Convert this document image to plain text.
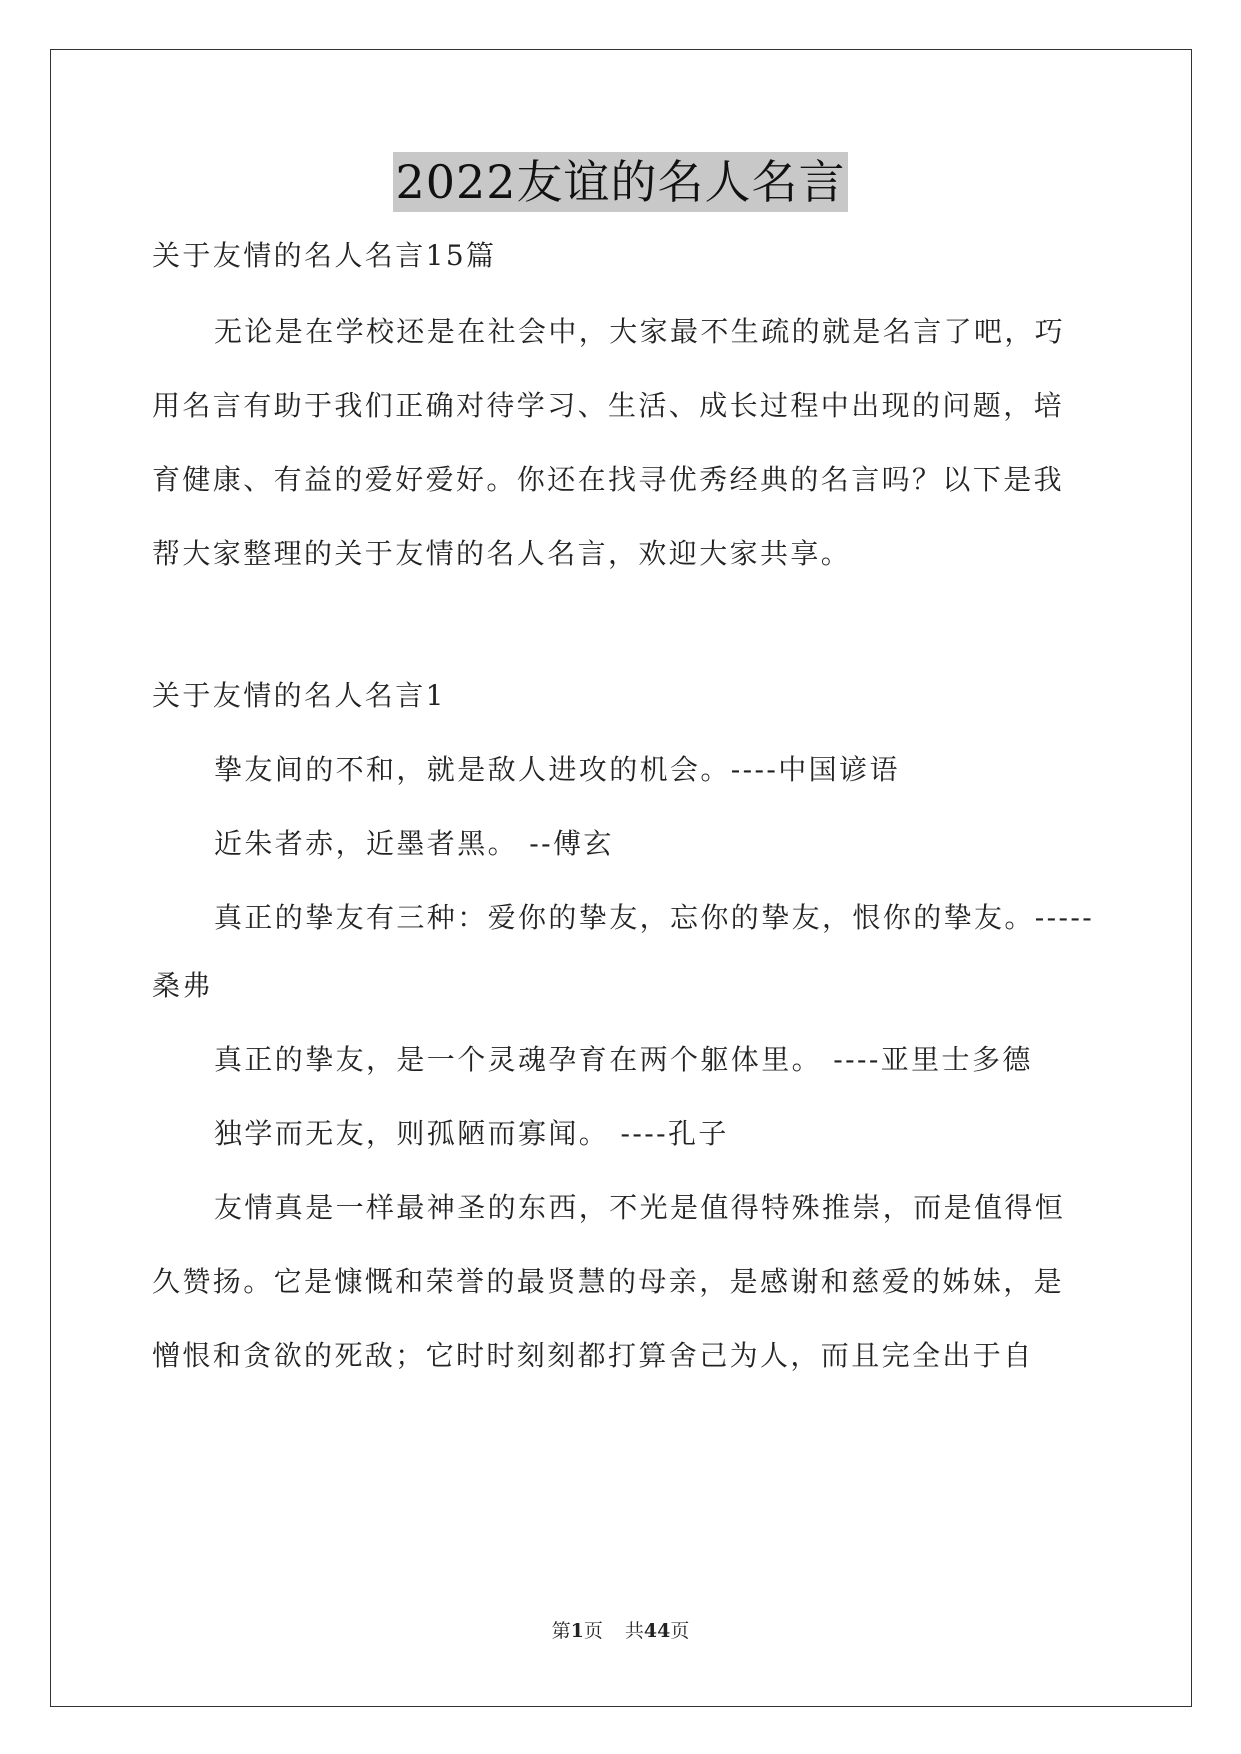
2022友谊的名人名言
关于友情的名人名言15篇
无论是在学校还是在社会中，大家最不生疏的就是名言了吧，巧
用名言有助于我们正确对待学习、生活、成长过程中出现的问题，培
育健康、有益的爱好爱好。你还在找寻优秀经典的名言吗？以下是我
帮大家整理的关于友情的名人名言，欢迎大家共享。
关于友情的名人名言1
挚友间的不和，就是敌人进攻的机会。----中国谚语
近朱者赤，近墨者黑。 --傅玄
真正的挚友有三种：爱你的挚友，忘你的挚友，恨你的挚友。-----
桑弗
真正的挚友，是一个灵魂孕育在两个躯体里。 ----亚里士多德
独学而无友，则孤陋而寡闻。 ----孔子
友情真是一样最神圣的东西，不光是值得特殊推崇，而是值得恒
久赞扬。它是慷慨和荣誉的最贤慧的母亲，是感谢和慈爱的姊妹，是
憎恨和贪欲的死敌；它时时刻刻都打算舍己为人，而且完全出于自
第1页 共44页
